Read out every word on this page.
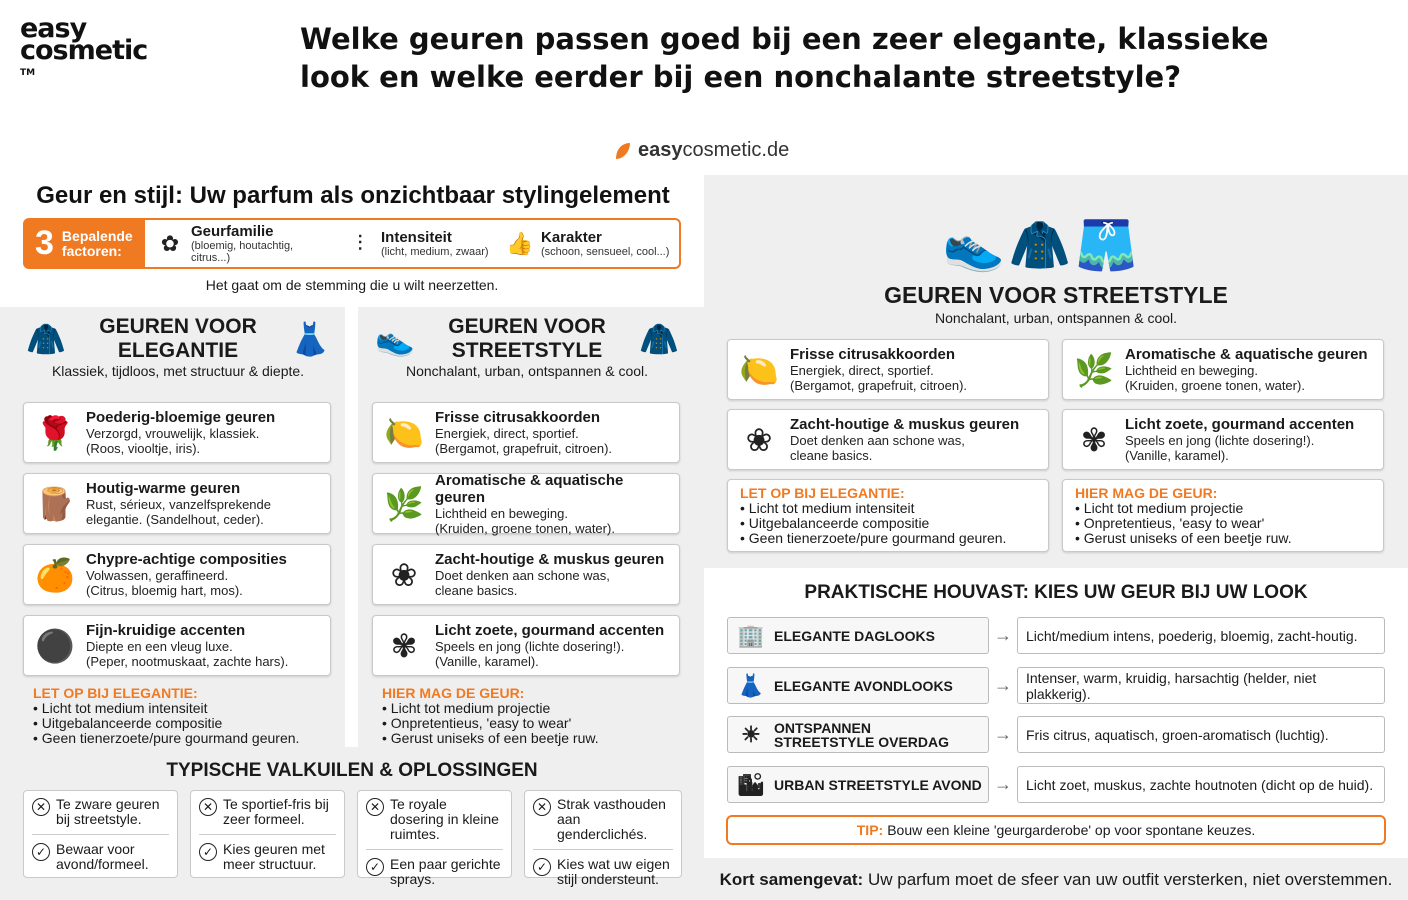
easy
cosmetic
TM
Welke geuren passen goed bij een zeer elegante, klassieke look en welke eerder bij een nonchalante streetstyle?
easycosmetic.de
Geur en stijl: Uw parfum als onzichtbaar stylingelement
3 Bepalende factoren:	✿ Geurfamilie
(bloemig, houtachtig, citrus...)
⫶	Intensiteit
(licht, medium, zwaar) 👍 Karakter
(schoon, sensueel, cool...)
Het gaat om de stemming die u wilt neerzetten.
🧥	GEUREN VOOR ELEGANTIE	👗
Klassiek, tijdloos, met structuur & diepte.
🌹 Poederig-bloemige geuren
Verzorgd, vrouwelijk, klassiek.
(Roos, viooltje, iris).
🪵 Houtig-warme geuren
Rust, sérieux, vanzelfsprekende
elegantie. (Sandelhout, ceder).
🍊 Chypre-achtige composities
Volwassen, geraffineerd.
(Citrus, bloemig hart, mos).
⚫ Fijn-kruidige accenten
Diepte en een vleug luxe.
(Peper, nootmuskaat, zachte hars).
LET OP BIJ ELEGANTIE:
• Licht tot medium intensiteit
• Uitgebalanceerde compositie
• Geen tienerzoete/pure gourmand geuren.
👟	GEUREN VOOR STREETSTYLE	🧥
Nonchalant, urban, ontspannen & cool.
🍋 Frisse citrusakkoorden
Energiek, direct, sportief.
(Bergamot, grapefruit, citroen).
🌿
Aromatische & aquatische geuren
Lichtheid en beweging.
(Kruiden, groene tonen, water).
❀	Zacht-houtige & muskus geuren
Doet denken aan schone was,
cleane basics.
✾	Licht zoete, gourmand accenten
Speels en jong (lichte dosering!).
(Vanille, karamel).
HIER MAG DE GEUR:
• Licht tot medium projectie
• Onpretentieus, 'easy to wear'
• Gerust uniseks of een beetje ruw.
TYPISCHE VALKUILEN & OPLOSSINGEN
✕ Te zware geuren bij streetstyle.
✓ Bewaar voor avond/formeel.
✕ Te sportief-fris bij zeer formeel.
✓ Kies geuren met meer structuur.
✕ Te royale dosering in kleine ruimtes.
✓ Een paar gerichte sprays.
✕ Strak vasthouden aan genderclichés.
✓ Kies wat uw eigen stijl ondersteunt.
👟 🧥 🩳
GEUREN VOOR STREETSTYLE
Nonchalant, urban, ontspannen & cool.
🍋 Frisse citrusakkoorden
Energiek, direct, sportief.
(Bergamot, grapefruit, citroen).	🌿 Aromatische & aquatische geuren
Lichtheid en beweging.
(Kruiden, groene tonen, water).
❀	Zacht-houtige & muskus geuren
Doet denken aan schone was,
cleane basics.	✾	Licht zoete, gourmand accenten
Speels en jong (lichte dosering!).
(Vanille, karamel).
LET OP BIJ ELEGANTIE:
• Licht tot medium intensiteit
• Uitgebalanceerde compositie
• Geen tienerzoete/pure gourmand geuren.
HIER MAG DE GEUR:
• Licht tot medium projectie
• Onpretentieus, 'easy to wear'
• Gerust uniseks of een beetje ruw.
PRAKTISCHE HOUVAST: KIES UW GEUR BIJ UW LOOK
🏢 ELEGANTE DAGLOOKS	→	Licht/medium intens, poederig, bloemig, zacht-houtig.
👗 ELEGANTE AVONDLOOKS →	Intenser, warm, kruidig, harsachtig (helder, niet plakkerig).
☀ ONTSPANNEN STREETSTYLE OVERDAG	→	Fris citrus, aquatisch, groen-aromatisch (luchtig).
🏙 URBAN STREETSTYLE AVOND →	Licht zoet, muskus, zachte houtnoten (dicht op de huid).
TIP: Bouw een kleine 'geurgarderobe' op voor spontane keuzes.
Kort samengevat: Uw parfum moet de sfeer van uw outfit versterken, niet overstemmen.
